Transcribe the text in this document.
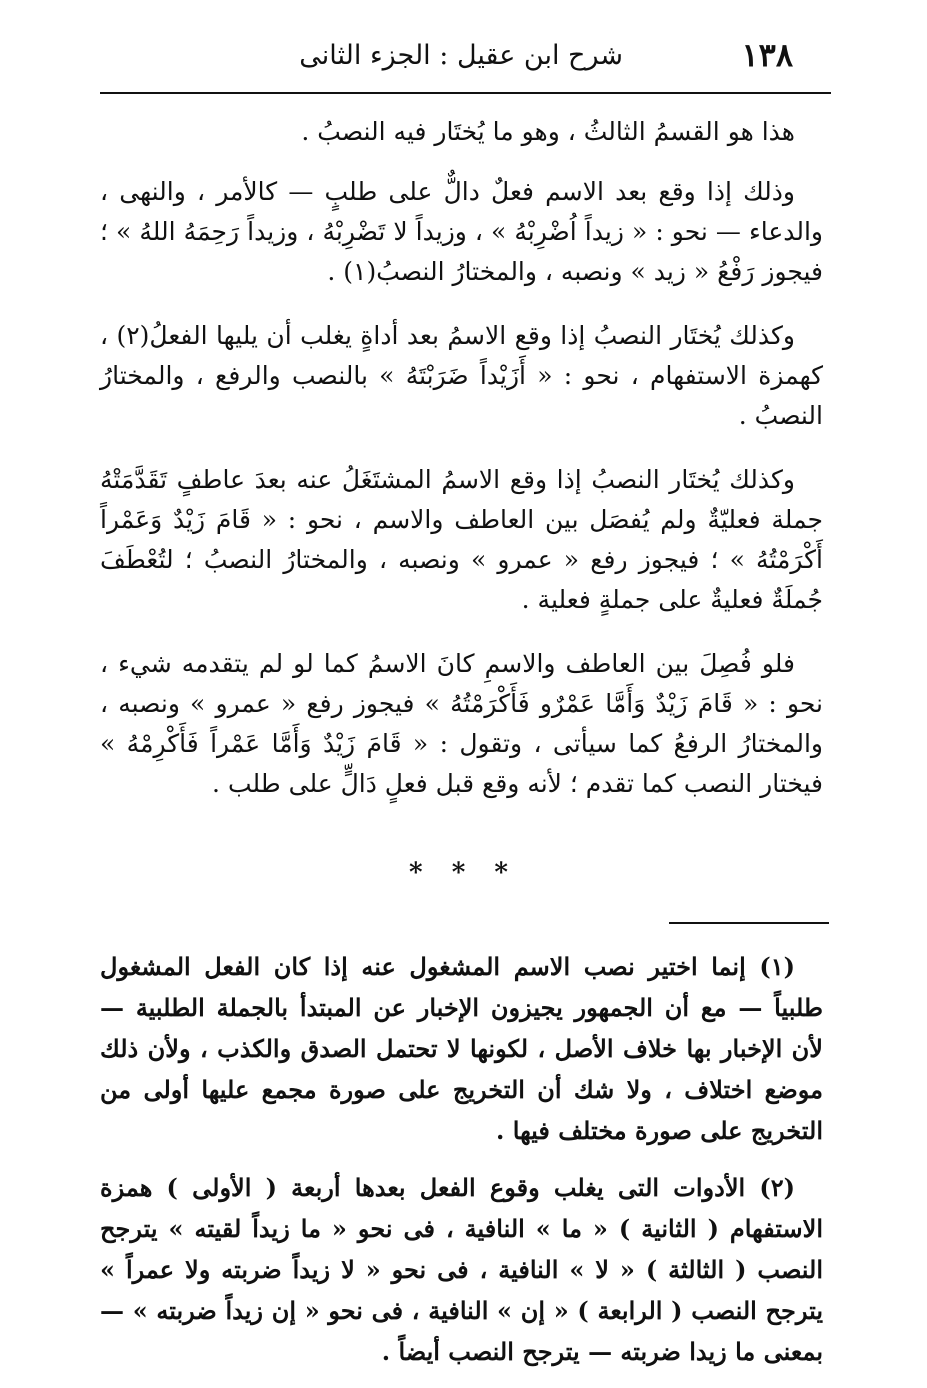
١٣٨
شرح ابن عقيل : الجزء الثانى

هذا هو القسمُ الثالثُ ، وهو ما يُختَار فيه النصبُ .

وذلك إذا وقع بعد الاسم فعلٌ دالٌّ على طلبٍ — كالأمر ، والنهى ، والدعاء — نحو : « زيداً اُضْرِبْهُ » ، وزيداً لا تَضْرِبْهُ ، وزيداً رَحِمَهُ اللهُ » ؛ فيجوز رَفْعُ « زيد » ونصبه ، والمختارُ النصبُ(١) .

وكذلك يُختَار النصبُ إذا وقع الاسمُ بعد أداةٍ يغلب أن يليها الفعلُ(٢) ، كهمزة الاستفهام ، نحو : « أَزَيْداً ضَرَبْتَهُ » بالنصب والرفع ، والمختارُ النصبُ .

وكذلك يُختَار النصبُ إذا وقع الاسمُ المشتَغَلُ عنه بعدَ عاطفٍ تَقَدَّمَتْهُ جملة فعليّةٌ ولم يُفصَل بين العاطف والاسم ، نحو : « قَامَ زَيْدٌ وَعَمْراً أَكْرَمْتُهُ » ؛ فيجوز رفع « عمرو » ونصبه ، والمختارُ النصبُ ؛ لتُعْطَفَ جُملَةٌ فعليةٌ على جملةٍ فعلية .

فلو فُصِلَ بين العاطف والاسمِ كانَ الاسمُ كما لو لم يتقدمه شيء ، نحو : « قَامَ زَيْدٌ وَأَمَّا عَمْرٌو فَأَكْرَمْتُهُ » فيجوز رفع « عمرو » ونصبه ، والمختارُ الرفعُ كما سيأتى ، وتقول : « قَامَ زَيْدٌ وَأَمَّا عَمْراً فَأَكْرِمْهُ » فيختار النصب كما تقدم ؛ لأنه وقع قبل فعلٍ دَالٍّ على طلب .

* * *

(١) إنما اختير نصب الاسم المشغول عنه إذا كان الفعل المشغول طلبياً — مع أن الجمهور يجيزون الإخبار عن المبتدأ بالجملة الطلبية — لأن الإخبار بها خلاف الأصل ، لكونها لا تحتمل الصدق والكذب ، ولأن ذلك موضع اختلاف ، ولا شك أن التخريج على صورة مجمع عليها أولى من التخريج على صورة مختلف فيها .

(٢) الأدوات التى يغلب وقوع الفعل بعدها أربعة ( الأولى ) همزة الاستفهام ( الثانية ) « ما » النافية ، فى نحو « ما زيداً لقيته » يترجح النصب ( الثالثة ) « لا » النافية ، فى نحو « لا زيداً ضربته ولا عمراً » يترجح النصب ( الرابعة ) « إن » النافية ، فى نحو « إن زيداً ضربته » — بمعنى ما زيدا ضربته — يترجح النصب أيضاً .
